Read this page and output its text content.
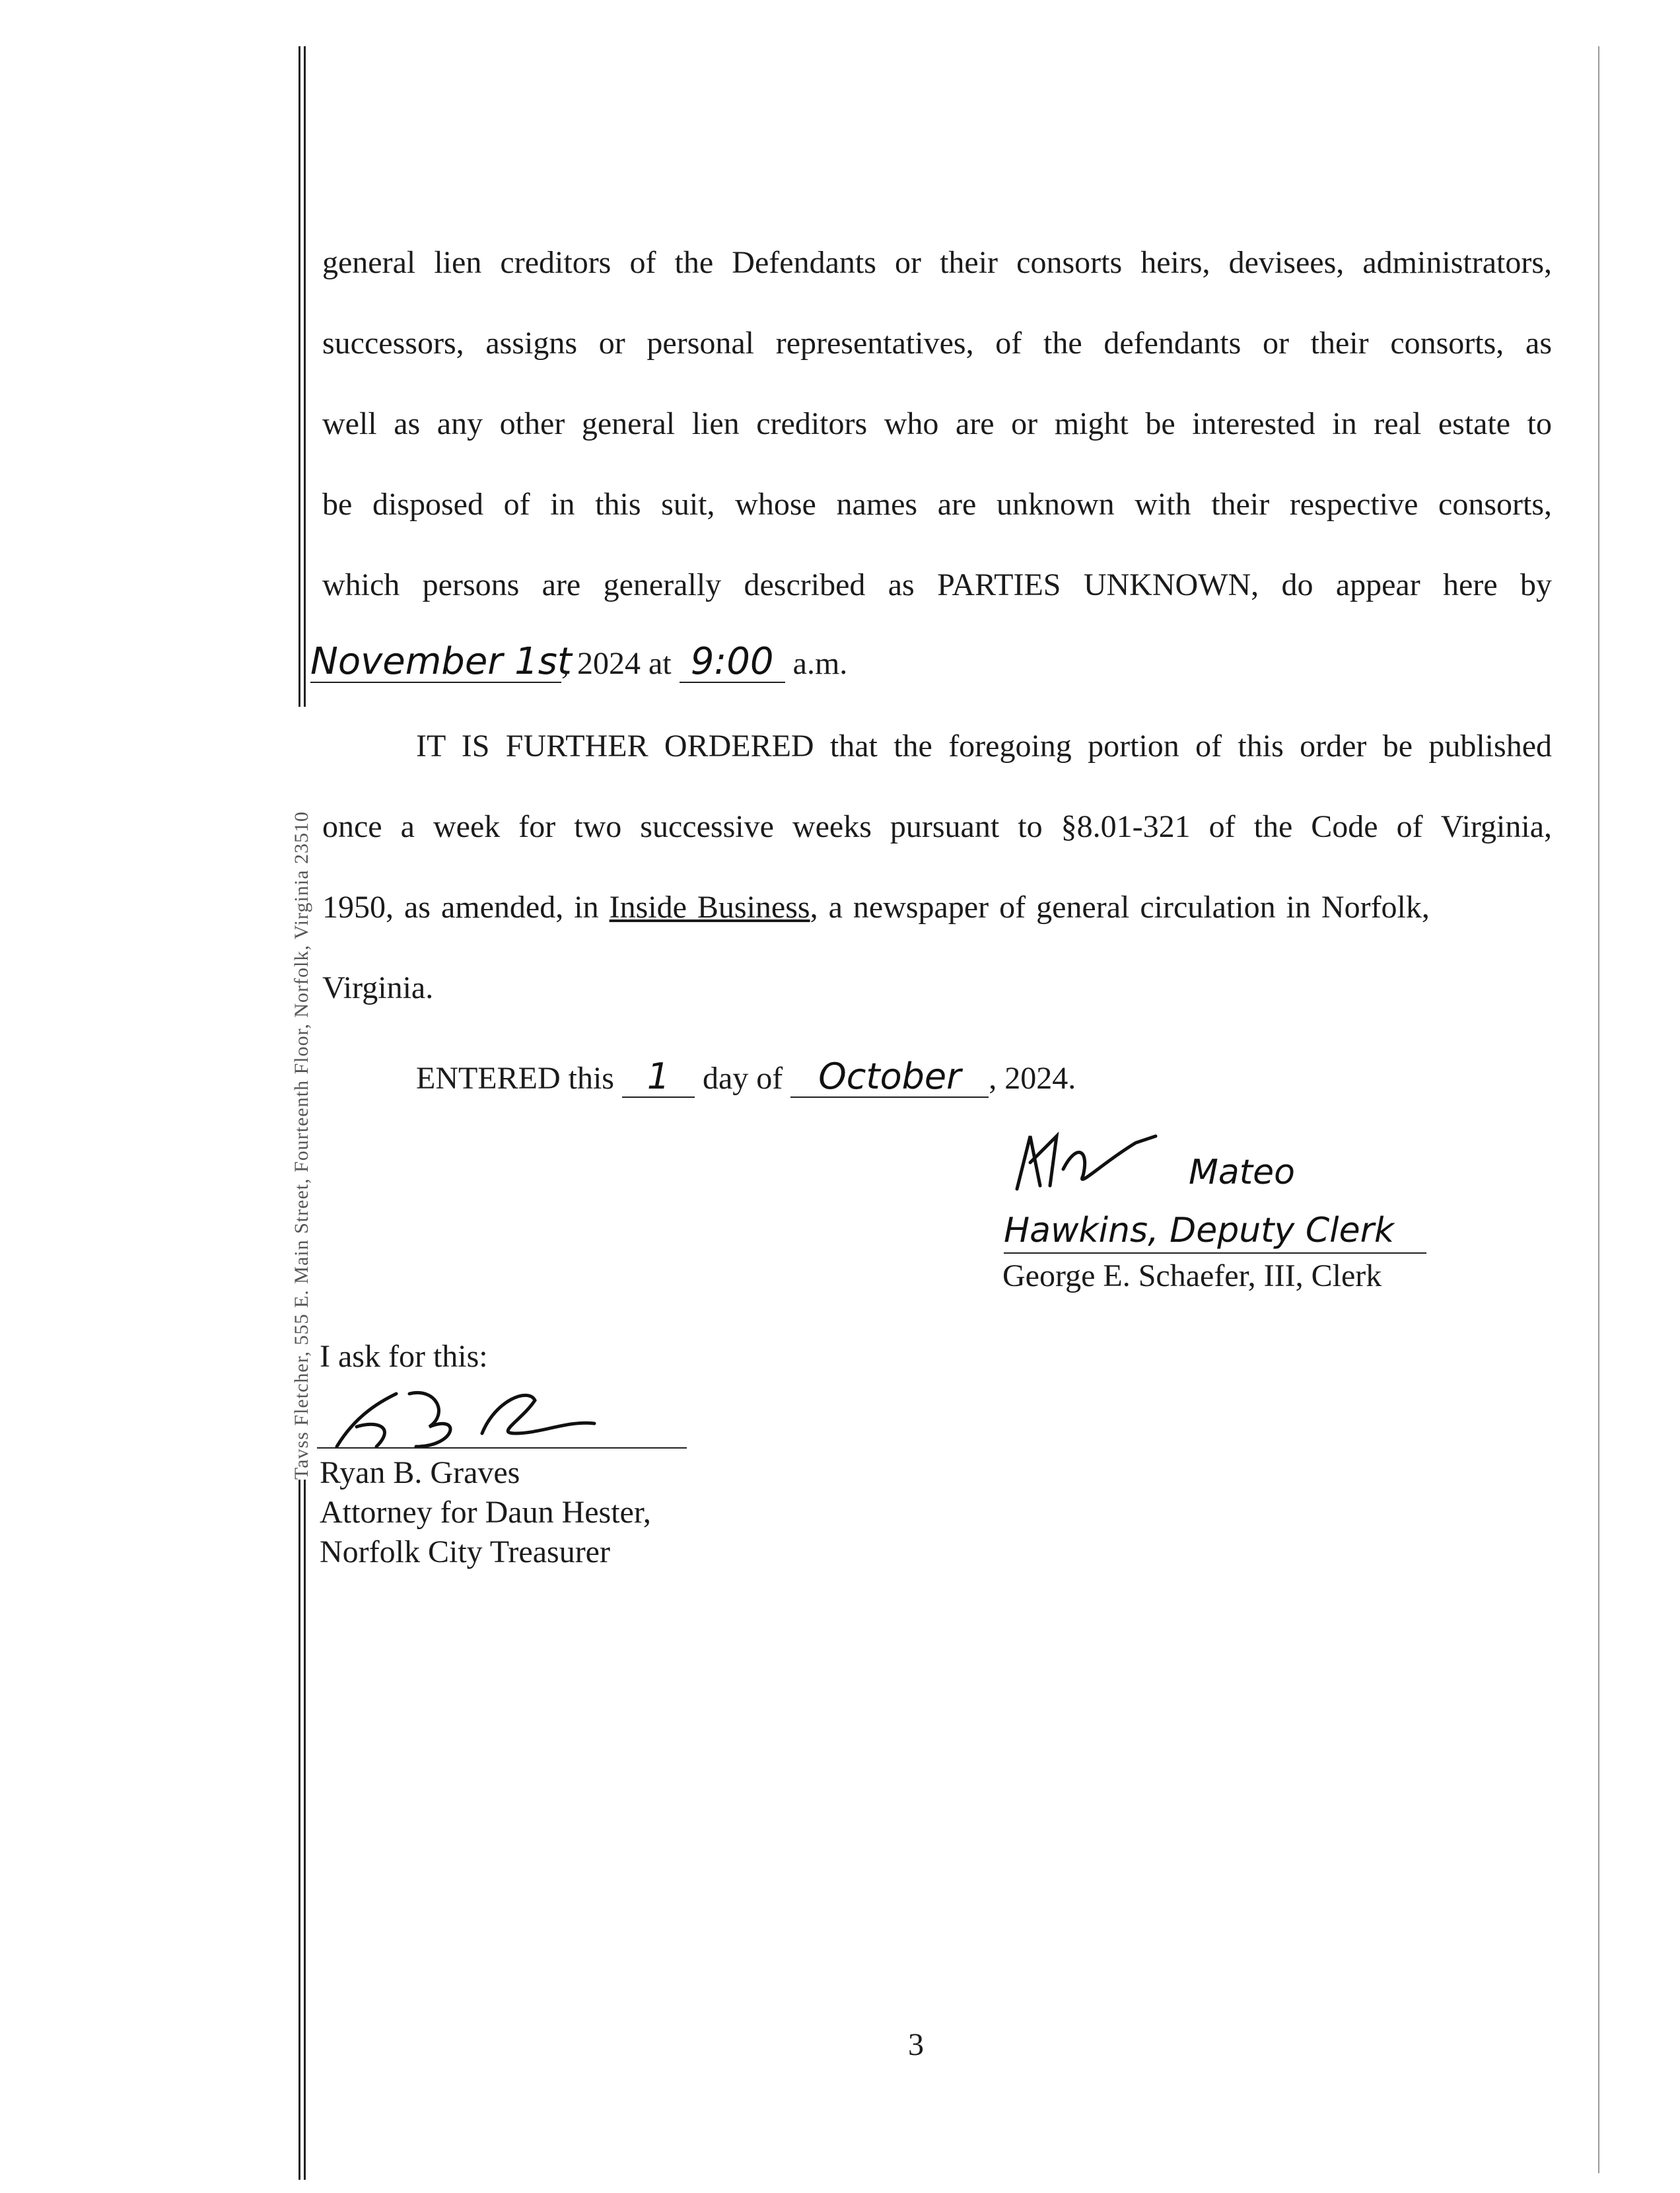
Tavss Fletcher, 555 E. Main Street, Fourteenth Floor, Norfolk, Virginia 23510
general lien creditors of the Defendants or their consorts heirs, devisees, administrators,
successors, assigns or personal representatives, of the defendants or their consorts, as
well as any other general lien creditors who are or might be interested in real estate to
be disposed of in this suit, whose names are unknown with their respective consorts,
which persons are generally described as PARTIES UNKNOWN, do appear here by
November 1st, 2024 at 9:00 a.m.
IT IS FURTHER ORDERED that the foregoing portion of this order be published
once a week for two successive weeks pursuant to §8.01-321 of the Code of Virginia,
1950, as amended, in Inside Business, a newspaper of general circulation in Norfolk,
Virginia.
ENTERED this 1 day of October , 2024.
Mateo
Hawkins, Deputy Clerk
George E. Schaefer, III, Clerk
I ask for this:
Ryan B. Graves
Attorney for Daun Hester,
Norfolk City Treasurer
3
